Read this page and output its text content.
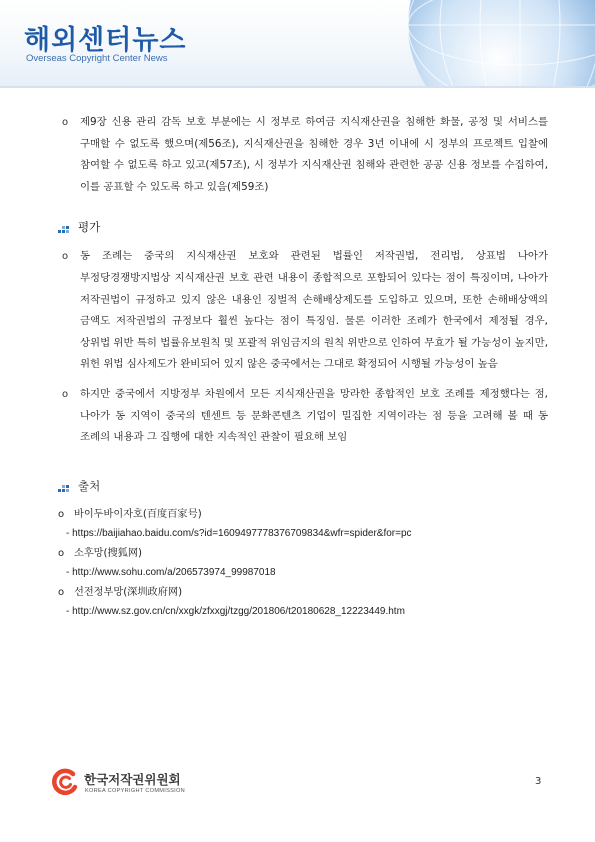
해외센터뉴스
Overseas Copyright Center News
o 제9장 신용 관리 감독 보호 부분에는 시 정부로 하여금 지식재산권을 침해한 화물, 공정 및 서비스를 구매할 수 없도록 했으며(제56조), 지식재산권을 침해한 경우 3년 이내에 시 정부의 프로젝트 입찰에 참여할 수 없도록 하고 있고(제57조), 시 정부가 지식재산권 침해와 관련한 공공 신용 정보를 수집하여, 이를 공표할 수 있도록 하고 있음(제59조)
평가
o 동 조례는 중국의 지식재산권 보호와 관련된 법률인 저작권법, 전리법, 상표법 나아가 부정당경쟁방지법상 지식재산권 보호 관련 내용이 종합적으로 포함되어 있다는 점이 특징이며, 나아가 저작권법이 규정하고 있지 않은 내용인 징벌적 손해배상제도를 도입하고 있으며, 또한 손해배상액의 금액도 저작권법의 규정보다 훨씬 높다는 점이 특징임. 물론 이러한 조례가 한국에서 제정될 경우, 상위법 위반 특히 법률유보원칙 및 포괄적 위임금지의 원칙 위반으로 인하여 무효가 될 가능성이 높지만, 위헌 위법 심사제도가 완비되어 있지 않은 중국에서는 그대로 확정되어 시행될 가능성이 높음
o 하지만 중국에서 지방정부 차원에서 모든 지식재산권을 망라한 종합적인 보호 조례를 제정했다는 점, 나아가 동 지역이 중국의 텐센트 등 문화콘텐츠 기업이 밀집한 지역이라는 점 등을 고려해 볼 때 동 조례의 내용과 그 집행에 대한 지속적인 관찰이 필요해 보임
출처
o 바이두바이자호(百度百家号)
- https://baijiahao.baidu.com/s?id=1609497778376709834&wfr=spider&for=pc
o 소후망(搜狐网)
- http://www.sohu.com/a/206573974_99987018
o 선전정부망(深圳政府网)
- http://www.sz.gov.cn/cn/xxgk/zfxxgj/tzgg/201806/t20180628_12223449.htm
한국저작권위원회
KOREA COPYRIGHT COMMISSION
3
